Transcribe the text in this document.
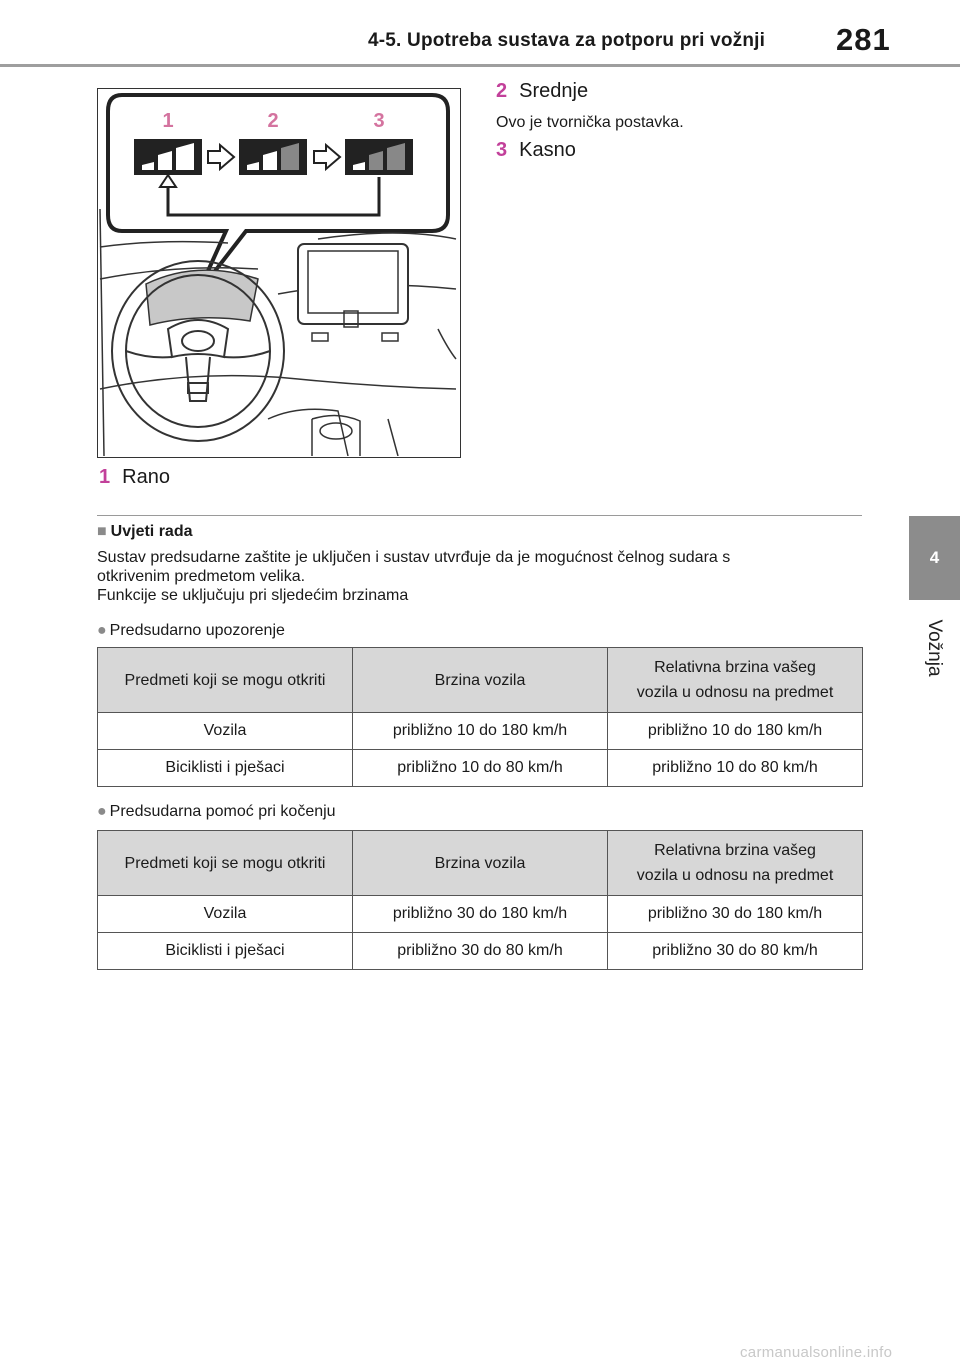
4-5. Upotreba sustava za potporu pri vožnji 281
4
Vožnja
1	2	3
1 Rano
2 Srednje
Ovo je tvornička postavka.
3 Kasno
■ Uvjeti rada
Sustav predsudarne zaštite je uključen i sustav utvrđuje da je mogućnost čelnog sudara s
otkrivenim predmetom velika.
Funkcije se uključuju pri sljedećim brzinama
● Predsudarno upozorenje
Predmeti koji se mogu otkriti	Brzina vozila	Relativna brzina vašeg
vozila u odnosu na predmet

Vozila	približno 10 do 180 km/h	približno 10 do 180 km/h
Biciklisti i pješaci	približno 10 do 80 km/h	približno 10 do 80 km/h
● Predsudarna pomoć pri kočenju
Predmeti koji se mogu otkriti	Brzina vozila	Relativna brzina vašeg
vozila u odnosu na predmet

Vozila	približno 30 do 180 km/h	približno 30 do 180 km/h
Biciklisti i pješaci	približno 30 do 80 km/h	približno 30 do 80 km/h
carmanualsonline.info
